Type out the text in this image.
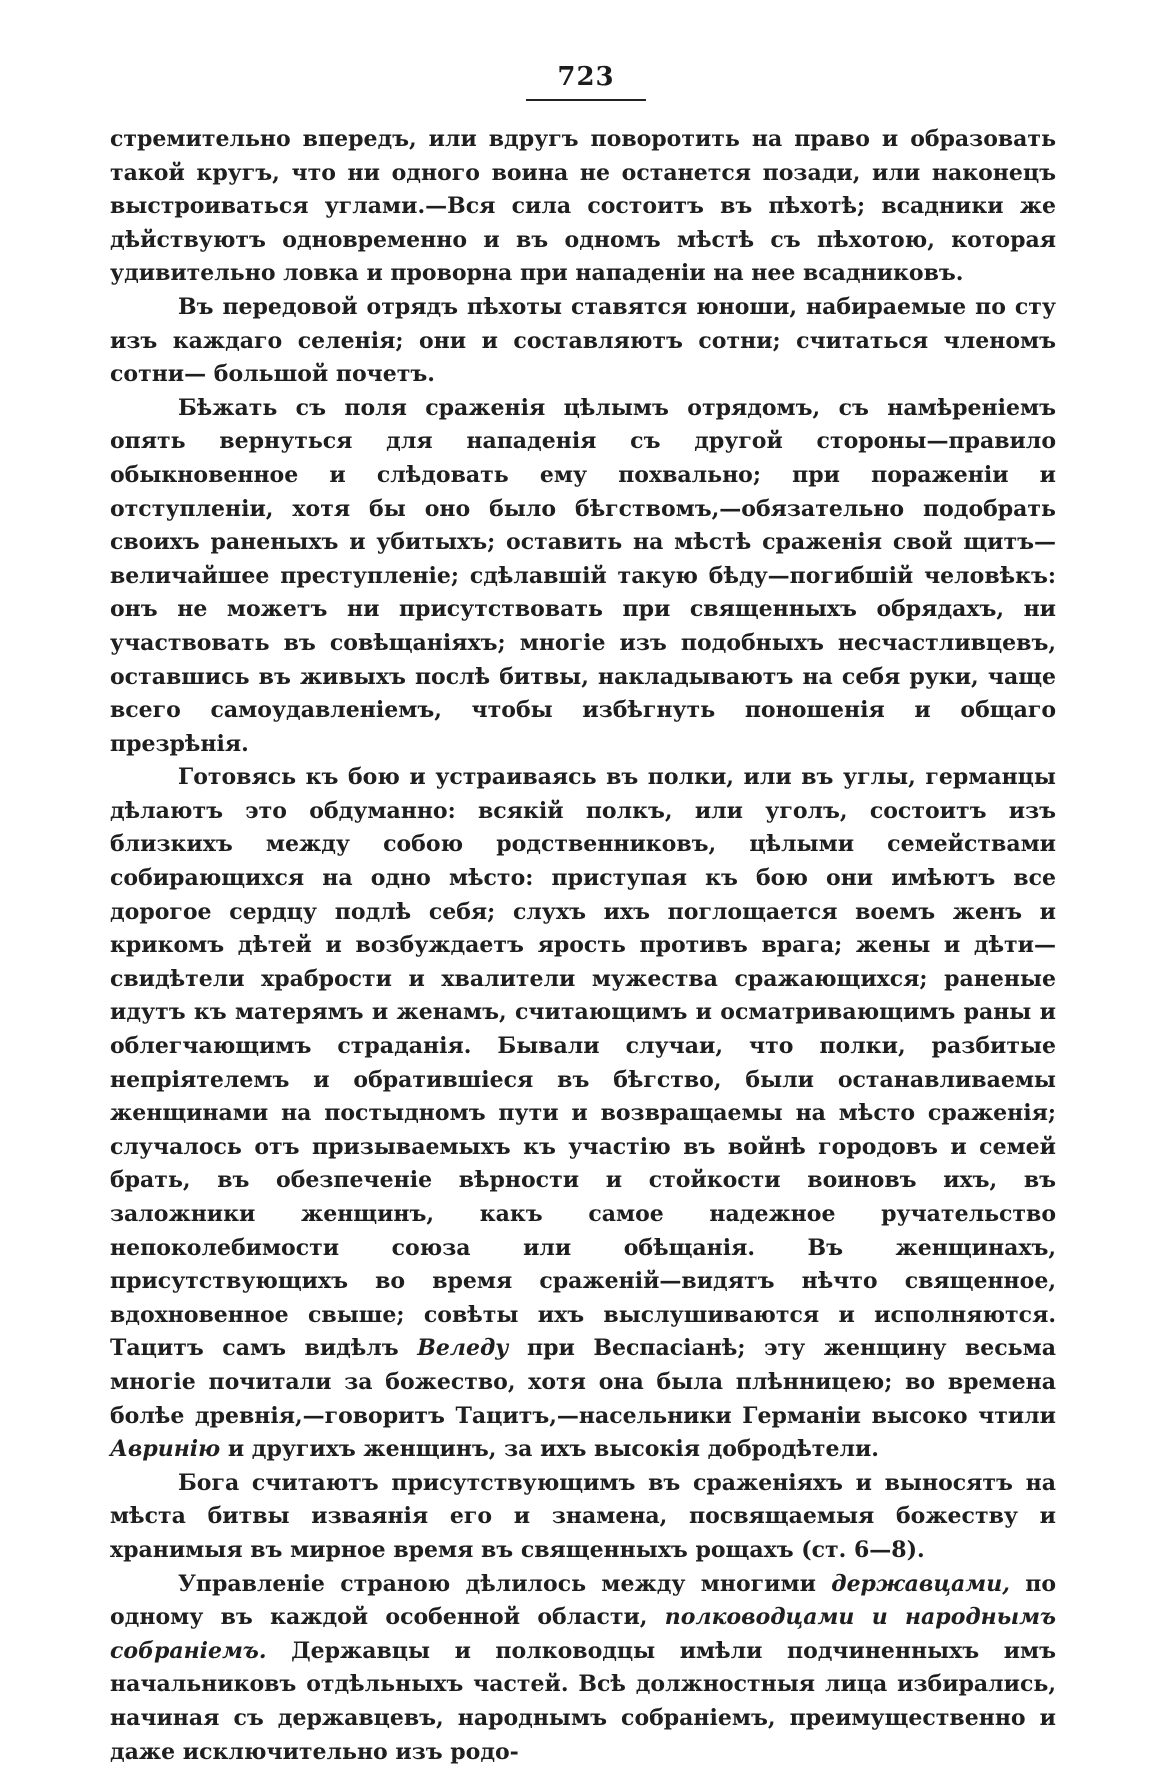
723

стремительно впередъ, или вдругъ поворотить на право и образовать такой кругъ, что ни одного воина не останется позади, или наконецъ выстроиваться углами.—Вся сила состоитъ въ пѣхотѣ; всадники же дѣйствуютъ одновременно и въ одномъ мѣстѣ съ пѣхотою, которая удивительно ловка и проворна при нападеніи на нее всадниковъ.

Въ передовой отрядъ пѣхоты ставятся юноши, набираемые по сту изъ каждаго селенія; они и составляютъ сотни; считаться членомъ сотни— большой почетъ.

Бѣжать съ поля сраженія цѣлымъ отрядомъ, съ намѣреніемъ опять вернуться для нападенія съ другой стороны—правило обыкновенное и слѣдовать ему похвально; при пораженіи и отступленіи, хотя бы оно было бѣгствомъ,—обязательно подобрать своихъ раненыхъ и убитыхъ; оставить на мѣстѣ сраженія свой щитъ—величайшее преступленіе; сдѣлавшій такую бѣду—погибшій человѣкъ: онъ не можетъ ни присутствовать при священныхъ обрядахъ, ни участвовать въ совѣщаніяхъ; многіе изъ подобныхъ несчастливцевъ, оставшись въ живыхъ послѣ битвы, накладываютъ на себя руки, чаще всего самоудавленіемъ, чтобы избѣгнуть поношенія и общаго презрѣнія.

Готовясь къ бою и устраиваясь въ полки, или въ углы, германцы дѣлаютъ это обдуманно: всякій полкъ, или уголъ, состоитъ изъ близкихъ между собою родственниковъ, цѣлыми семействами собирающихся на одно мѣсто: приступая къ бою они имѣютъ все дорогое сердцу подлѣ себя; слухъ ихъ поглощается воемъ женъ и крикомъ дѣтей и возбуждаетъ ярость противъ врага; жены и дѣти—свидѣтели храбрости и хвалители мужества сражающихся; раненые идутъ къ матерямъ и женамъ, считающимъ и осматривающимъ раны и облегчающимъ страданія. Бывали случаи, что полки, разбитые непріятелемъ и обратившіеся въ бѣгство, были останавливаемы женщинами на постыдномъ пути и возвращаемы на мѣсто сраженія; случалось отъ призываемыхъ къ участію въ войнѣ городовъ и семей брать, въ обезпеченіе вѣрности и стойкости воиновъ ихъ, въ заложники женщинъ, какъ самое надежное ручательство непоколебимости союза или обѣщанія. Въ женщинахъ, присутствующихъ во время сраженій—видятъ нѣчто священное, вдохновенное свыше; совѣты ихъ выслушиваются и исполняются. Тацитъ самъ видѣлъ Веледу при Веспасіанѣ; эту женщину весьма многіе почитали за божество, хотя она была плѣнницею; во времена болѣе древнія,—говоритъ Тацитъ,—насельники Германіи высоко чтили Авринію и другихъ женщинъ, за ихъ высокія добродѣтели.

Бога считаютъ присутствующимъ въ сраженіяхъ и выносятъ на мѣста битвы изваянія его и знамена, посвящаемыя божеству и хранимыя въ мирное время въ священныхъ рощахъ (ст. 6—8).

Управленіе страною дѣлилось между многими державцами, по одному въ каждой особенной области, полководцами и народнымъ собраніемъ. Державцы и полководцы имѣли подчиненныхъ имъ начальниковъ отдѣльныхъ частей. Всѣ должностныя лица избирались, начиная съ державцевъ, народнымъ собраніемъ, преимущественно и даже исключительно изъ родо-
